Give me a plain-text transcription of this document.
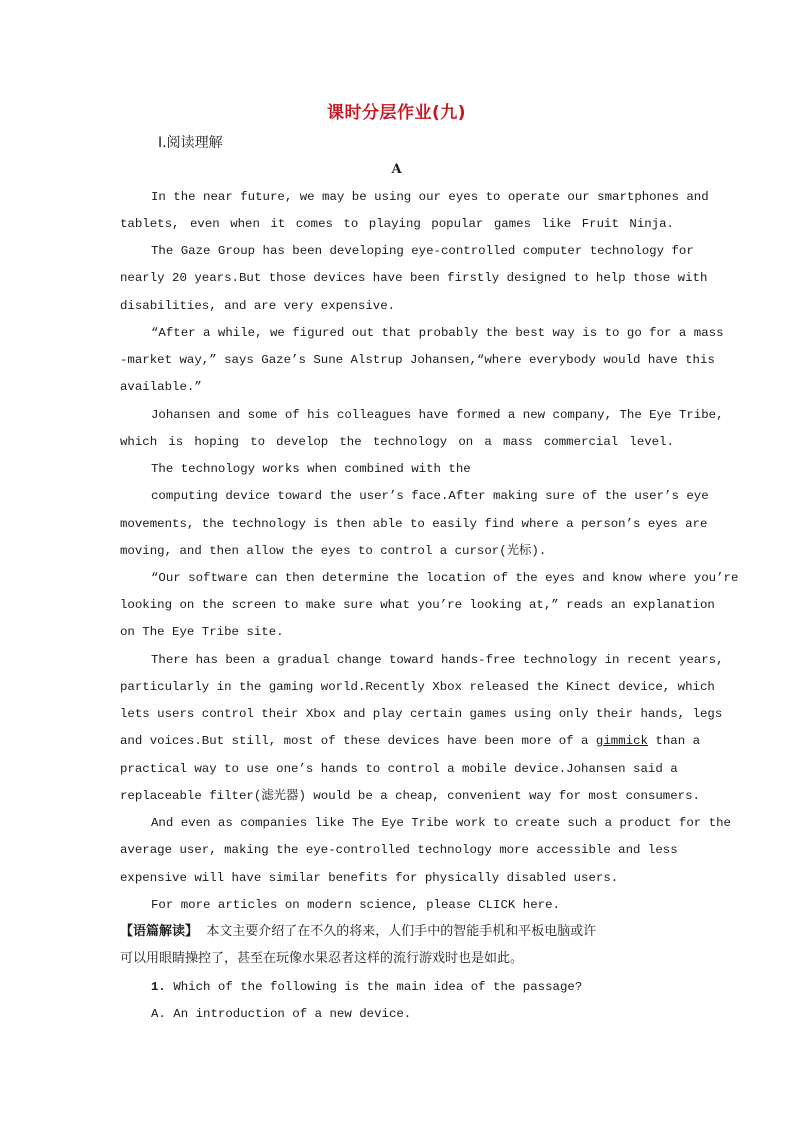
课时分层作业(九)
Ⅰ.阅读理解
A
In the near future, we may be using our eyes to operate our smartphones and
tablets, even when it comes to playing popular games like Fruit Ninja.
The Gaze Group has been developing eye-controlled computer technology for
nearly 20 years.But those devices have been firstly designed to help those with
disabilities, and are very expensive.
“After a while, we figured out that probably the best way is to go for a mass
-market way,” says Gaze’s Sune Alstrup Johansen,“where everybody would have this
available.”
Johansen and some of his colleagues have formed a new company, The Eye Tribe,
which is hoping to develop the technology on a mass commercial level.
The technology works when combined with the
computing device toward the user’s face.After making sure of the user’s eye
movements, the technology is then able to easily find where a person’s eyes are
moving, and then allow the eyes to control a cursor(光标).
“Our software can then determine the location of the eyes and know where you’re
looking on the screen to make sure what you’re looking at,” reads an explanation
on The Eye Tribe site.
There has been a gradual change toward hands-free technology in recent years,
particularly in the gaming world.Recently Xbox released the Kinect device, which
lets users control their Xbox and play certain games using only their hands, legs
and voices.But still, most of these devices have been more of a gimmick than a
practical way to use one’s hands to control a mobile device.Johansen said a
replaceable filter(滤光器) would be a cheap, convenient way for most consumers.
And even as companies like The Eye Tribe work to create such a product for the
average user, making the eye-controlled technology more accessible and less
expensive will have similar benefits for physically disabled users.
For more articles on modern science, please CLICK here.
【语篇解读】 本文主要介绍了在不久的将来，人们手中的智能手机和平板电脑或许
可以用眼睛操控了，甚至在玩像水果忍者这样的流行游戏时也是如此。
1. Which of the following is the main idea of the passage?
A. An introduction of a new device.
